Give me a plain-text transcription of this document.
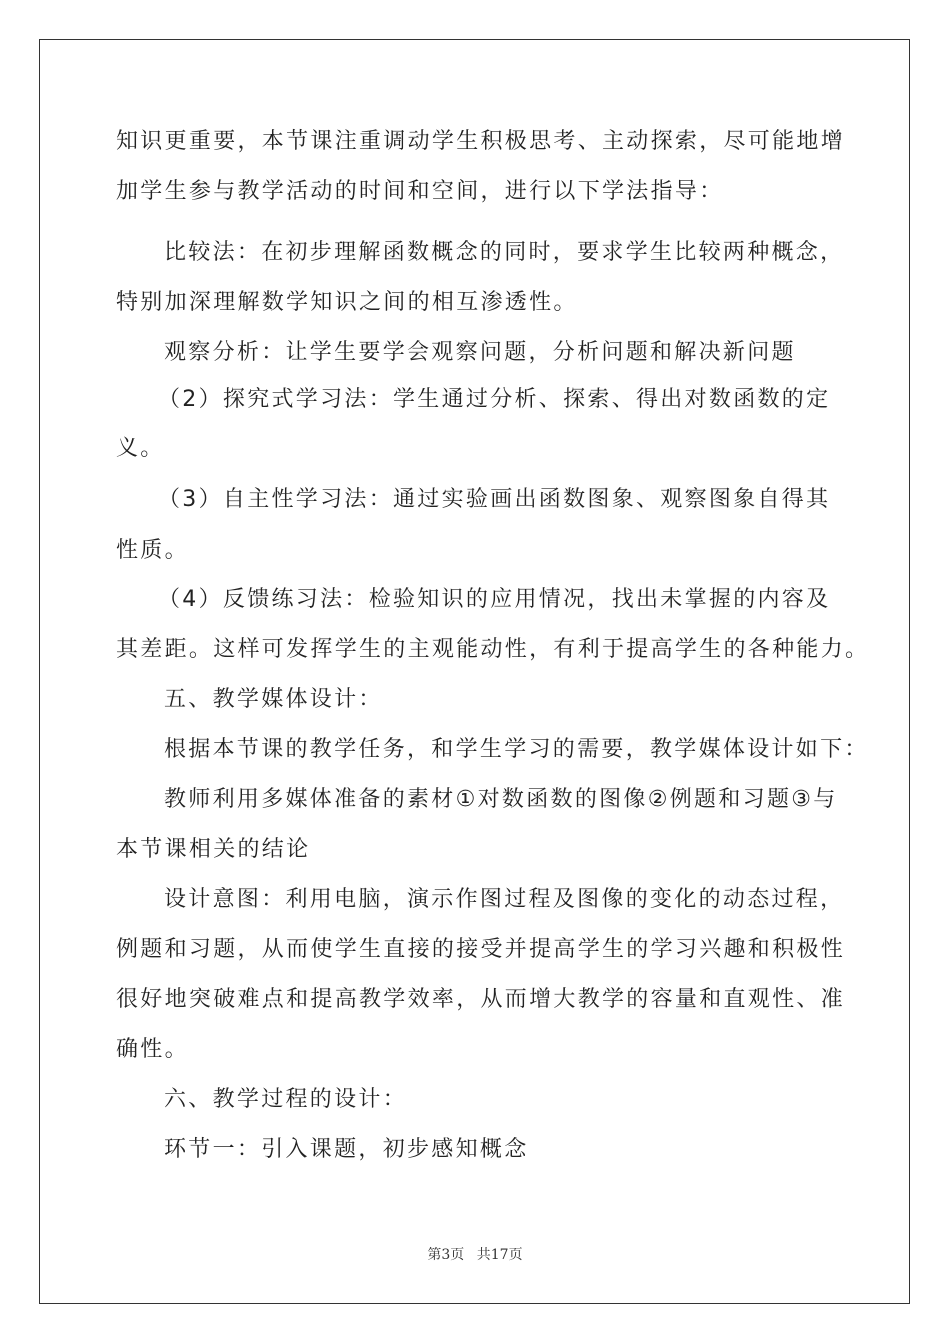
知识更重要，本节课注重调动学生积极思考、主动探索，尽可能地增
加学生参与教学活动的时间和空间，进行以下学法指导：
比较法：在初步理解函数概念的同时，要求学生比较两种概念，
特别加深理解数学知识之间的相互渗透性。
观察分析：让学生要学会观察问题，分析问题和解决新问题
（2）探究式学习法：学生通过分析、探索、得出对数函数的定
义。
（3）自主性学习法：通过实验画出函数图象、观察图象自得其
性质。
（4）反馈练习法：检验知识的应用情况，找出未掌握的内容及
其差距。这样可发挥学生的主观能动性，有利于提高学生的各种能力。
五、教学媒体设计：
根据本节课的教学任务，和学生学习的需要，教学媒体设计如下：
教师利用多媒体准备的素材①对数函数的图像②例题和习题③与
本节课相关的结论
设计意图：利用电脑，演示作图过程及图像的变化的动态过程，
例题和习题，从而使学生直接的接受并提高学生的学习兴趣和积极性
很好地突破难点和提高教学效率，从而增大教学的容量和直观性、准
确性。
六、教学过程的设计：
环节一：引入课题，初步感知概念
第3页 共17页
